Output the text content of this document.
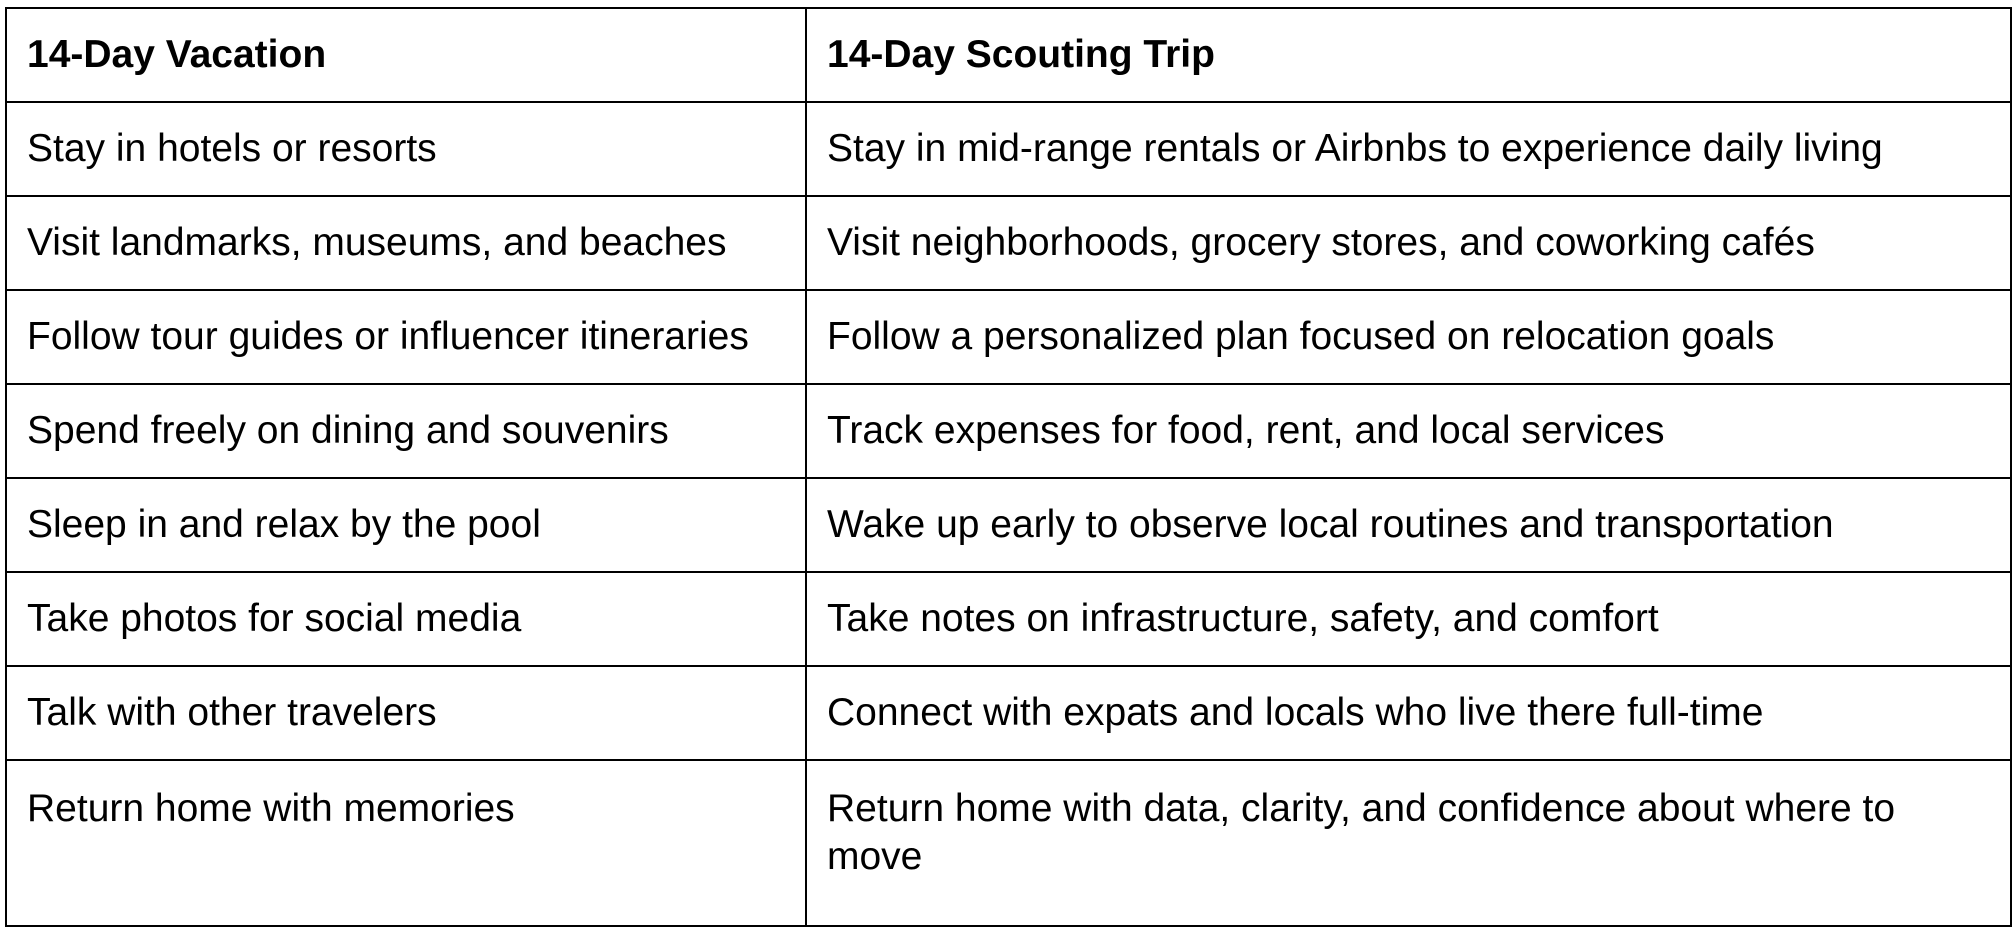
14-Day Vacation	14-Day Scouting Trip
Stay in hotels or resorts	Stay in mid-range rentals or Airbnbs to experience daily living
Visit landmarks, museums, and beaches	Visit neighborhoods, grocery stores, and coworking cafés
Follow tour guides or influencer itineraries	Follow a personalized plan focused on relocation goals
Spend freely on dining and souvenirs	Track expenses for food, rent, and local services
Sleep in and relax by the pool	Wake up early to observe local routines and transportation
Take photos for social media	Take notes on infrastructure, safety, and comfort
Talk with other travelers	Connect with expats and locals who live there full-time
Return home with memories	Return home with data, clarity, and confidence about where to move
